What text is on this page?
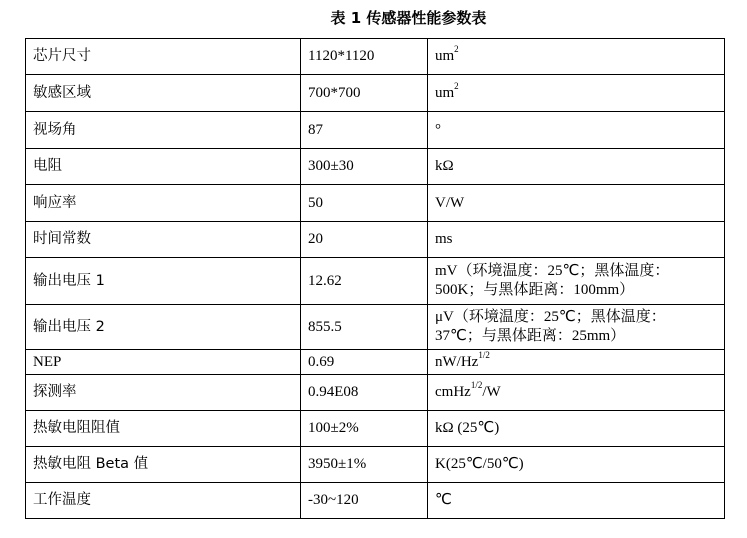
表 1 传感器性能参数表
芯片尺寸	1120*1120	$um^2$
敏感区域	700*700	$um^2$
视场角	87	°
电阻	300±30	kΩ
响应率	50	V/W
时间常数	20	ms
输出电压 1	12.62	mV（环境温度：25℃；黑体温度：
500K；与黑体距离：100mm）

输出电压 2	855.5	μV（环境温度：25℃；黑体温度：
37℃；与黑体距离：25mm）

NEP	0.69	$nW/Hz^{1/2}$
探测率	0.94E08	cmHz$^{1/2}$/W
热敏电阻阻值	100±2%	kΩ (25℃)
热敏电阻 Beta 值	3950±1%	K(25℃/50℃)
工作温度	-30~120	℃
